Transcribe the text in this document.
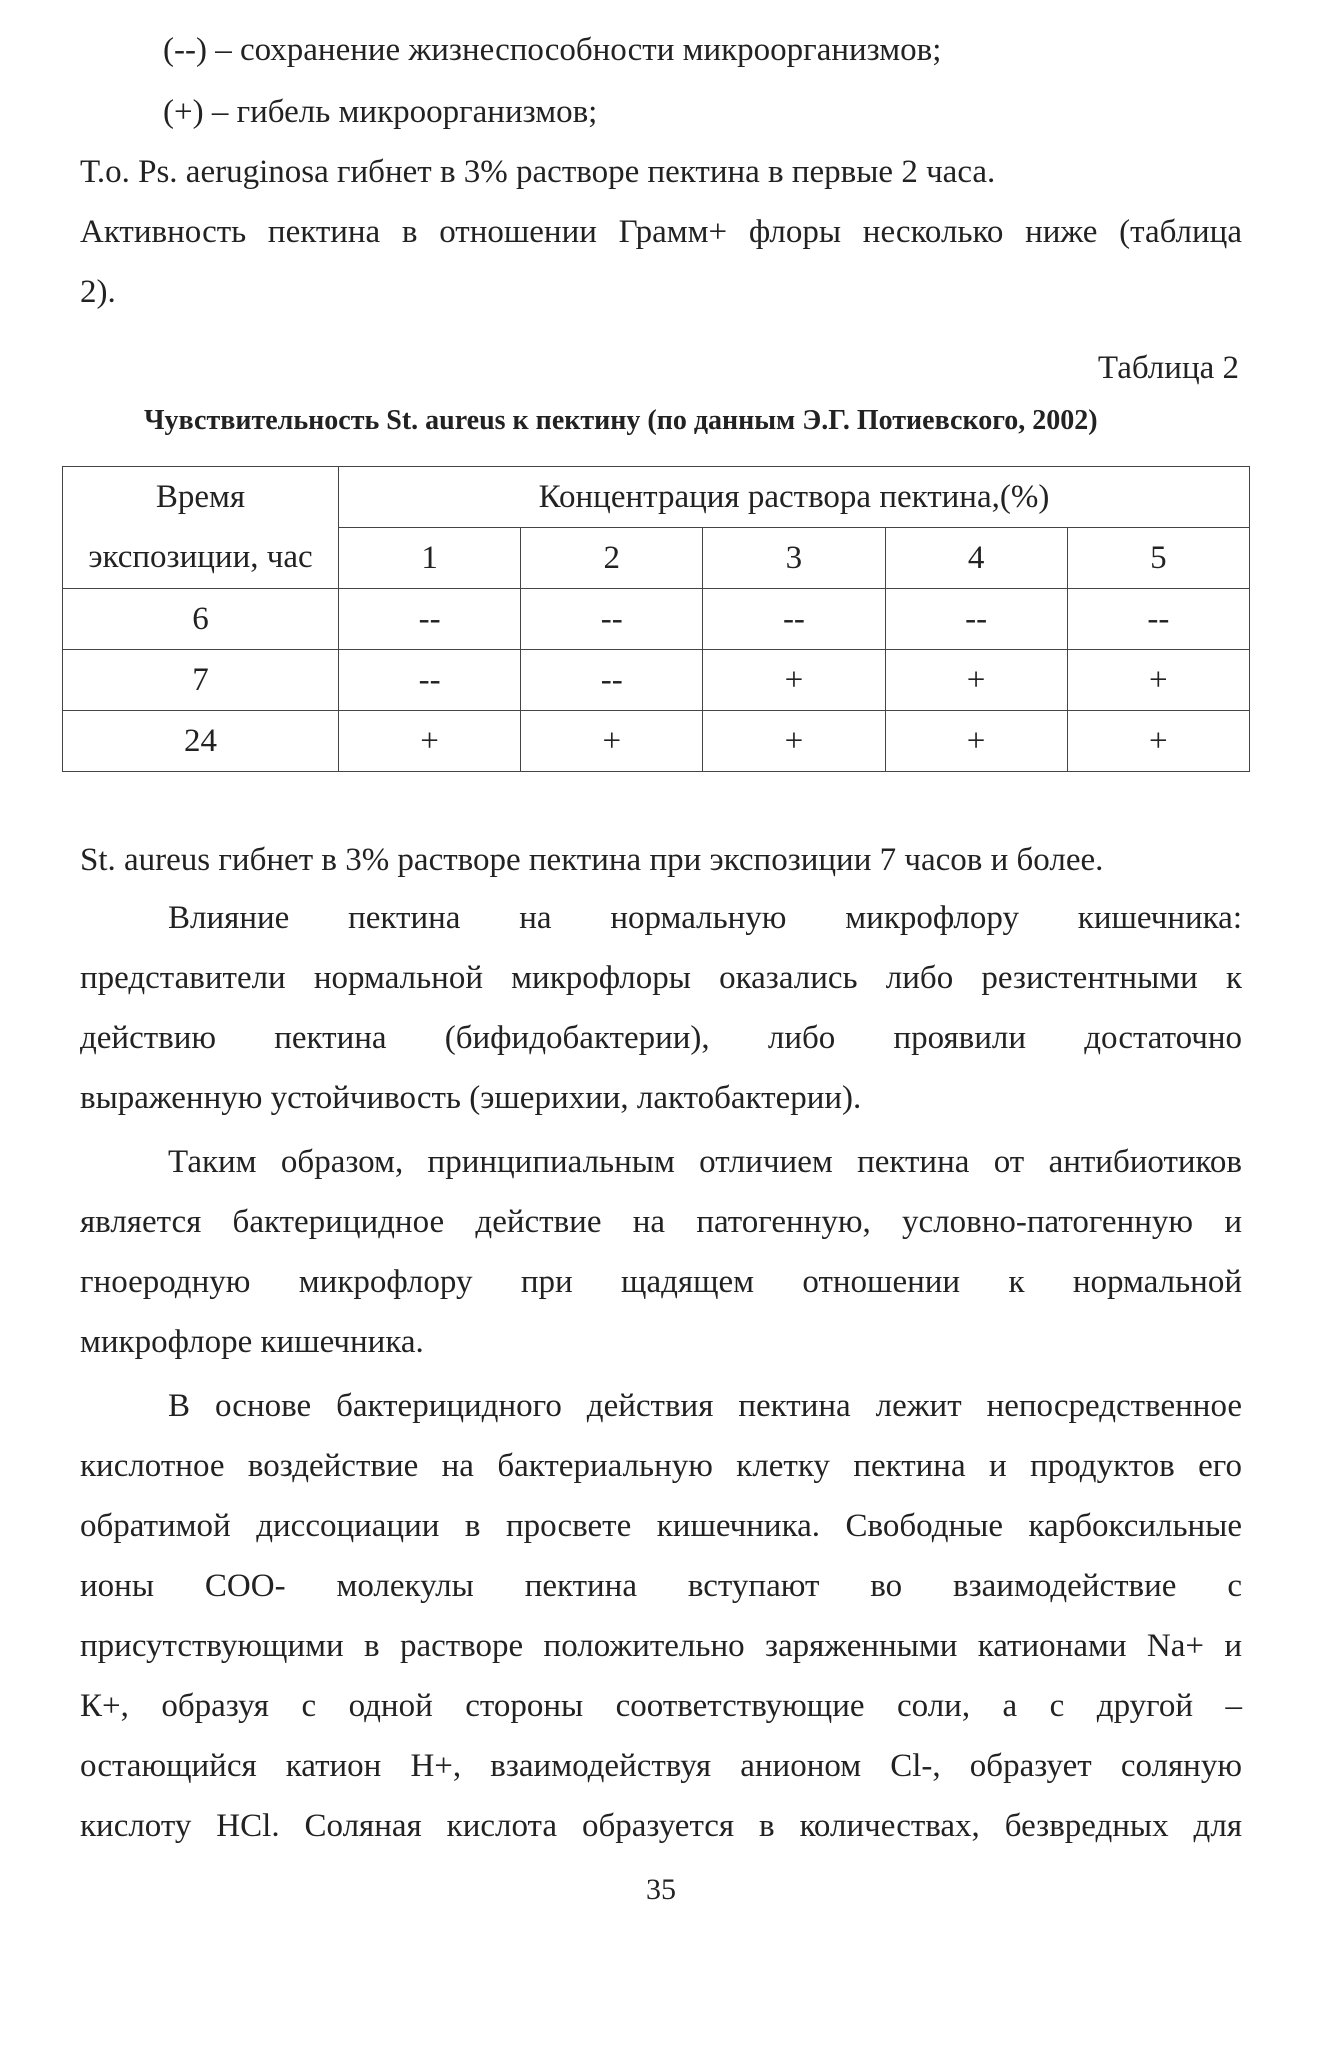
(--) – сохранение жизнеспособности микроорганизмов;
(+) – гибель микроорганизмов;
Т.о. Ps. aeruginosa гибнет в 3% растворе пектина в первые 2 часа.
Активность пектина в отношении Грамм+ флоры несколько ниже (таблица
2).
Таблица 2
Чувствительность St. aureus к пектину (по данным Э.Г. Потиевского, 2002)
Время	Концентрация раствора пектина,(%)				
экспозиции, час	1	2	3	4	5
6	--	--	--	--	--
7	--	--	+	+	+
24	+	+	+	+	+
St. aureus гибнет в 3% растворе пектина при экспозиции 7 часов и более.
Влияние пектина на нормальную микрофлору кишечника:
представители нормальной микрофлоры оказались либо резистентными к
действию пектина (бифидобактерии), либо проявили достаточно
выраженную устойчивость (эшерихии, лактобактерии).
Таким образом, принципиальным отличием пектина от антибиотиков
является бактерицидное действие на патогенную, условно-патогенную и
гноеродную микрофлору при щадящем отношении к нормальной
микрофлоре кишечника.
В основе бактерицидного действия пектина лежит непосредственное
кислотное воздействие на бактериальную клетку пектина и продуктов его
обратимой диссоциации в просвете кишечника. Свободные карбоксильные
ионы СОО- молекулы пектина вступают во взаимодействие с
присутствующими в растворе положительно заряженными катионами Na+ и
К+, образуя с одной стороны соответствующие соли, а с другой –
остающийся катион Н+, взаимодействуя анионом Сl-, образует соляную
кислоту НСl. Соляная кислота образуется в количествах, безвредных для
35
